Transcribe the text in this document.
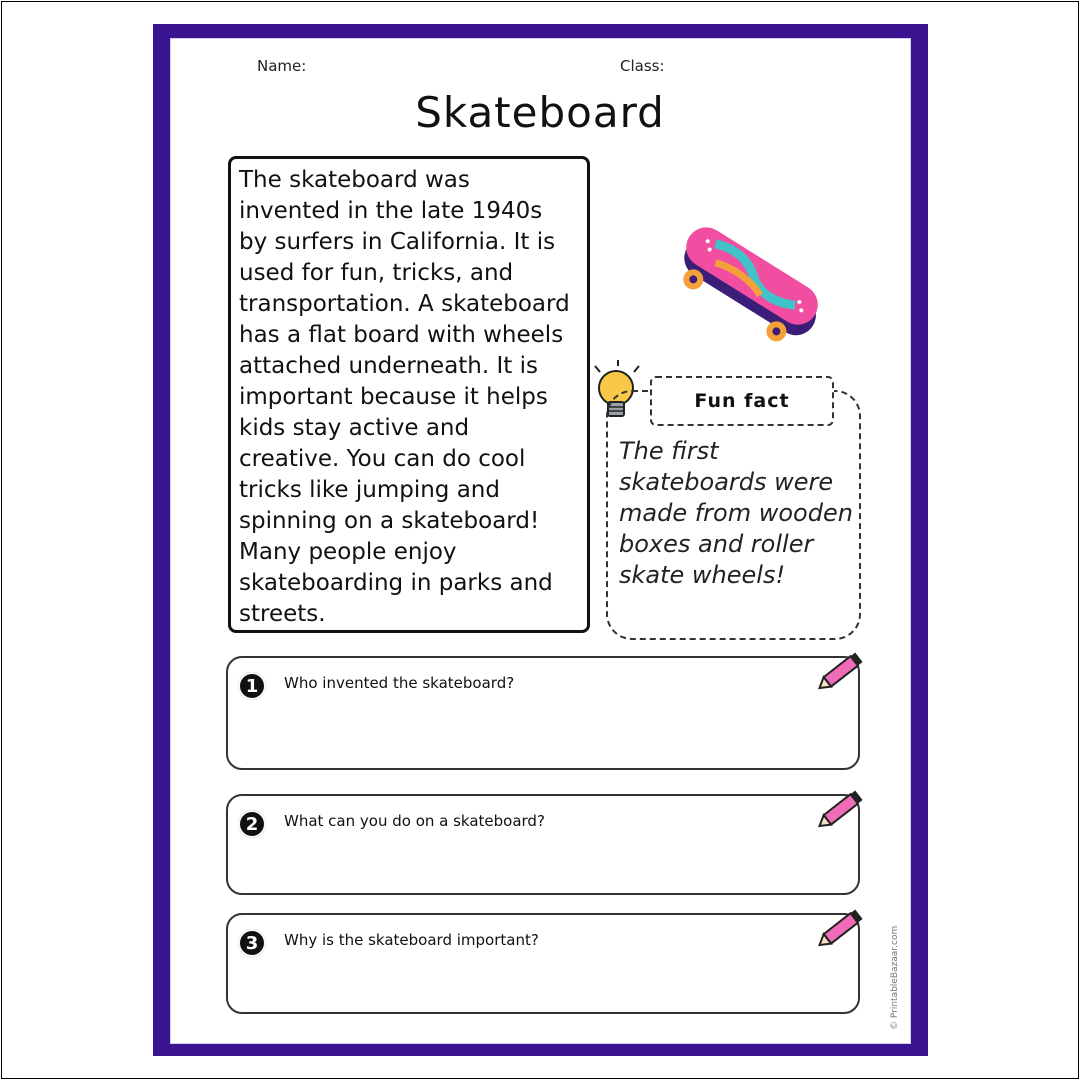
Name:	Class:
Skateboard
The skateboard was invented in the late 1940s by surfers in California. It is used for fun, tricks, and transportation. A skateboard has a flat board with wheels attached underneath. It is important because it helps kids stay active and creative. You can do cool tricks like jumping and spinning on a skateboard! Many people enjoy skateboarding in parks and streets.
Fun fact
The first skateboards were made from wooden boxes and roller skate wheels!
1	Who invented the skateboard?
2	What can you do on a skateboard?
3	Why is the skateboard important?	© PrintableBazaar.com
